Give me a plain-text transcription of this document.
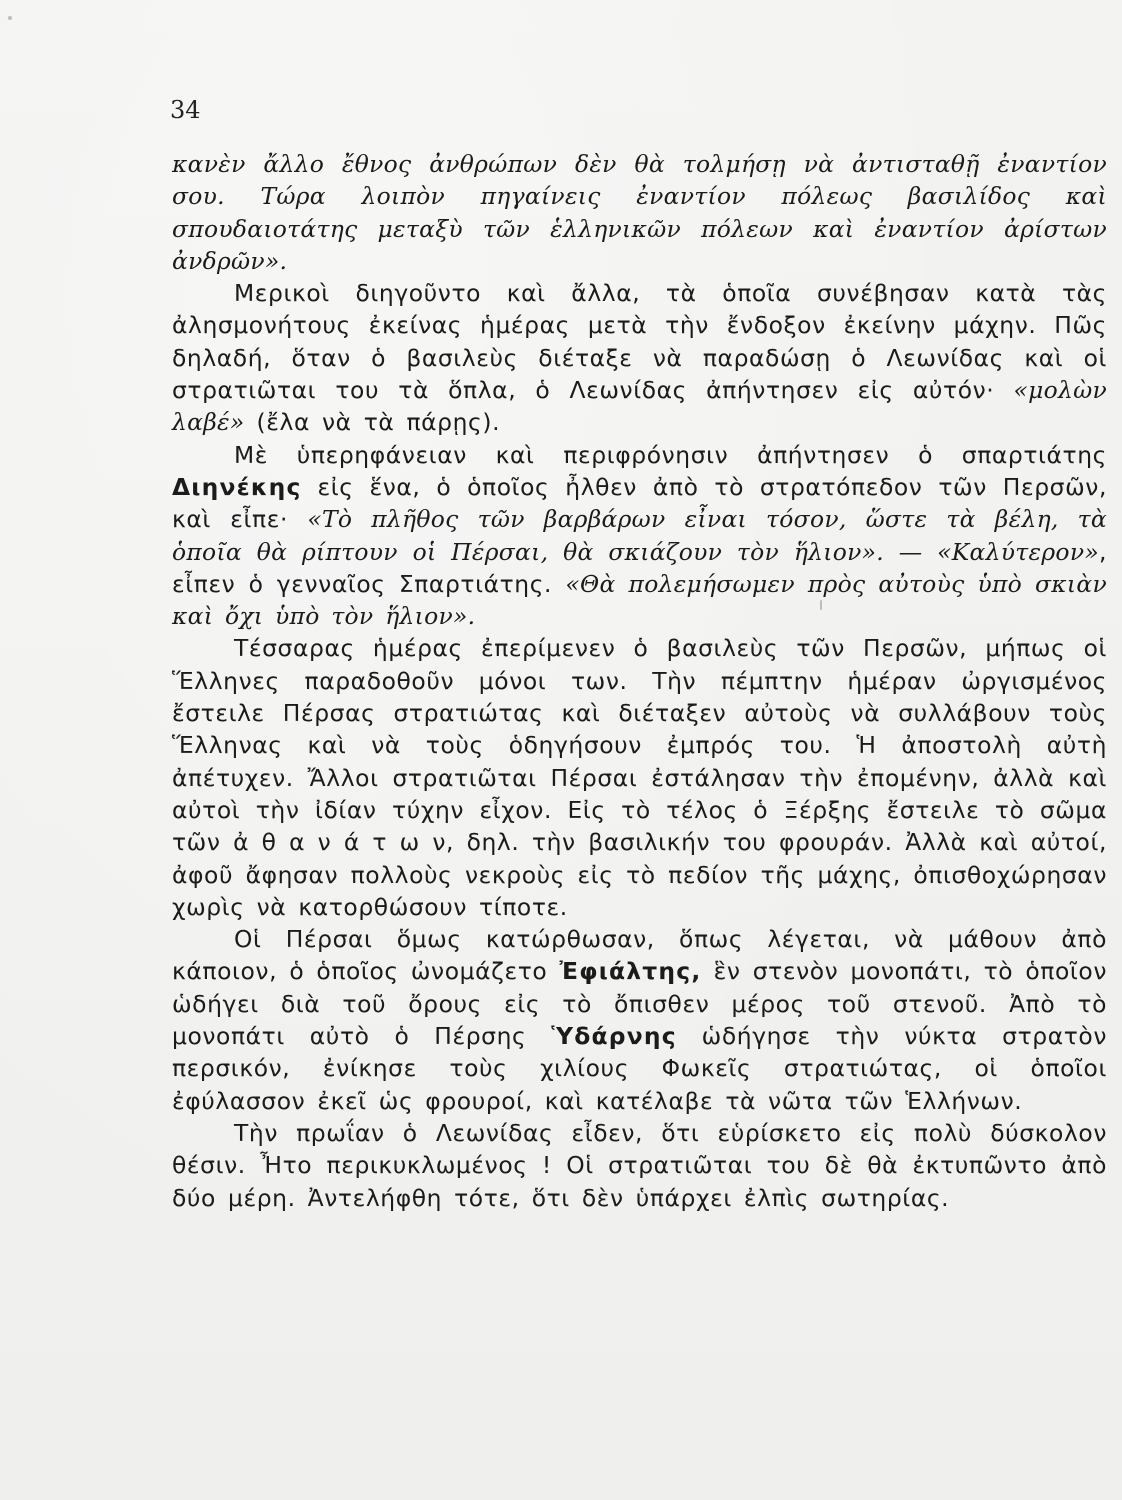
34

κανὲν ἄλλο ἔθνος ἀνθρώπων δὲν θὰ τολμήσῃ νὰ ἀντισταθῇ ἐναντίον σου. Τώρα λοιπὸν πηγαίνεις ἐναντίον πόλεως βασιλίδος καὶ σπουδαιοτάτης μεταξὺ τῶν ἑλληνικῶν πόλεων καὶ ἐναντίον ἀρίστων ἀνδρῶν».

Μερικοὶ διηγοῦντο καὶ ἄλλα, τὰ ὁποῖα συνέβησαν κατὰ τὰς ἀλησμονήτους ἐκείνας ἡμέρας μετὰ τὴν ἔνδοξον ἐκείνην μάχην. Πῶς δηλαδή, ὅταν ὁ βασιλεὺς διέταξε νὰ παραδώσῃ ὁ Λεωνίδας καὶ οἱ στρατιῶται του τὰ ὅπλα, ὁ Λεωνίδας ἀπήντησεν εἰς αὐτόν· «μολὼν λαβέ» (ἔλα νὰ τὰ πάρῃς).

Μὲ ὑπερηφάνειαν καὶ περιφρόνησιν ἀπήντησεν ὁ σπαρτιάτης Διηνέκης εἰς ἕνα, ὁ ὁποῖος ἦλθεν ἀπὸ τὸ στρατόπεδον τῶν Περσῶν, καὶ εἶπε· «Τὸ πλῆθος τῶν βαρβάρων εἶναι τόσον, ὥστε τὰ βέλη, τὰ ὁποῖα θὰ ρίπτουν οἱ Πέρσαι, θὰ σκιάζουν τὸν ἥλιον». — «Καλύτερον», εἶπεν ὁ γενναῖος Σπαρτιάτης. «Θὰ πολεμήσωμεν πρὸς αὐτοὺς ὑπὸ σκιὰν καὶ ὄχι ὑπὸ τὸν ἥλιον».

Τέσσαρας ἡμέρας ἐπερίμενεν ὁ βασιλεὺς τῶν Περσῶν, μήπως οἱ Ἕλληνες παραδοθοῦν μόνοι των. Τὴν πέμπτην ἡμέραν ὠργισμένος ἔστειλε Πέρσας στρατιώτας καὶ διέταξεν αὐτοὺς νὰ συλλάβουν τοὺς Ἕλληνας καὶ νὰ τοὺς ὁδηγήσουν ἐμπρός του. Ἡ ἀποστολὴ αὐτὴ ἀπέτυχεν. Ἄλλοι στρατιῶται Πέρσαι ἐστάλησαν τὴν ἐπομένην, ἀλλὰ καὶ αὐτοὶ τὴν ἰδίαν τύχην εἶχον. Εἰς τὸ τέλος ὁ Ξέρξης ἔστειλε τὸ σῶμα τῶν ἀ θ α ν ά τ ω ν, δηλ. τὴν βασιλικήν του φρουράν. Ἀλλὰ καὶ αὐτοί, ἀφοῦ ἄφησαν πολλοὺς νεκροὺς εἰς τὸ πεδίον τῆς μάχης, ὀπισθοχώρησαν χωρὶς νὰ κατορθώσουν τίποτε.

Οἱ Πέρσαι ὅμως κατώρθωσαν, ὅπως λέγεται, νὰ μάθουν ἀπὸ κάποιον, ὁ ὁποῖος ὠνομάζετο Ἐφιάλτης, ἓν στενὸν μονοπάτι, τὸ ὁποῖον ὡδήγει διὰ τοῦ ὄρους εἰς τὸ ὄπισθεν μέρος τοῦ στενοῦ. Ἀπὸ τὸ μονοπάτι αὐτὸ ὁ Πέρσης Ὑδάρνης ὡδήγησε τὴν νύκτα στρατὸν περσικόν, ἐνίκησε τοὺς χιλίους Φωκεῖς στρατιώτας, οἱ ὁποῖοι ἐφύλασσον ἐκεῖ ὡς φρουροί, καὶ κατέλαβε τὰ νῶτα τῶν Ἑλλήνων.

Τὴν πρωΐαν ὁ Λεωνίδας εἶδεν, ὅτι εὑρίσκετο εἰς πολὺ δύσκολον θέσιν. Ἦτο περικυκλωμένος ! Οἱ στρατιῶται του δὲ θὰ ἐκτυπῶντο ἀπὸ δύο μέρη. Ἀντελήφθη τότε, ὅτι δὲν ὑπάρχει ἐλπὶς σωτηρίας.
